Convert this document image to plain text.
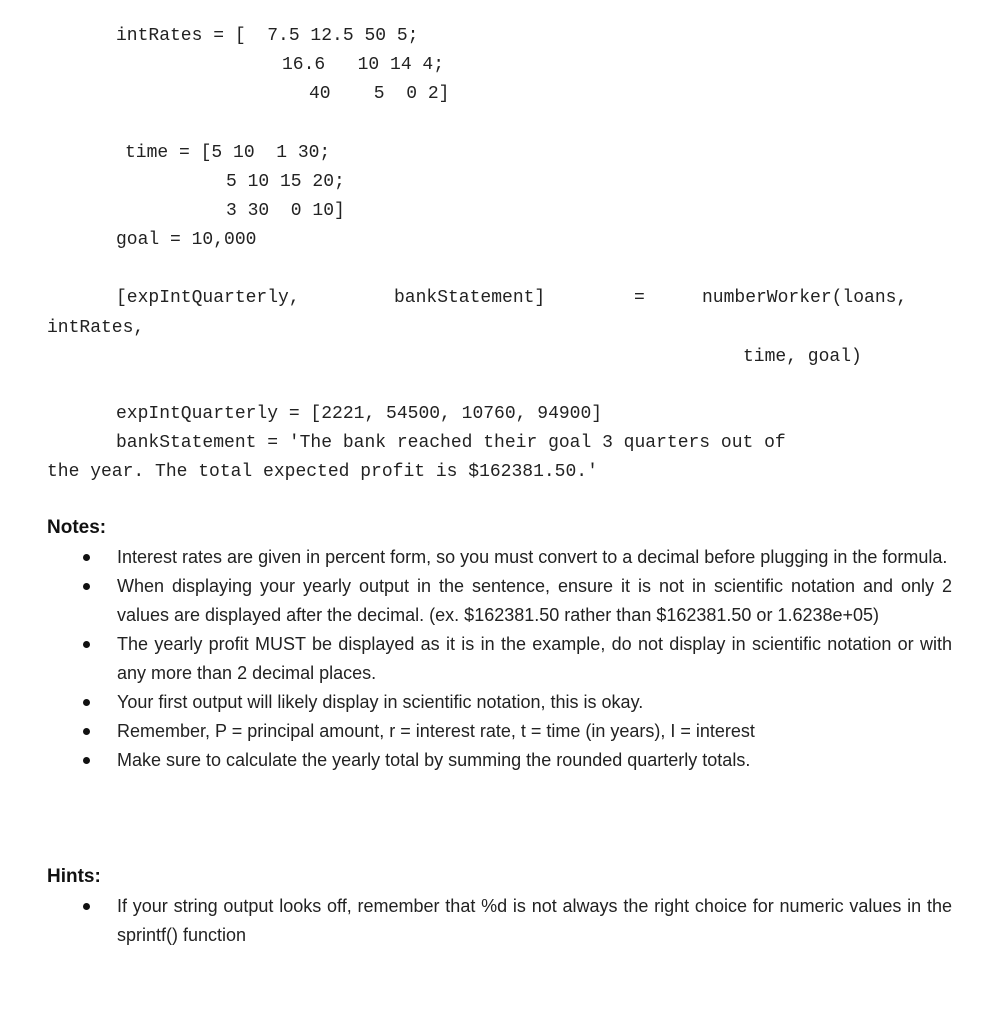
intRates = [  7.5 12.5 50 5;
16.6   10 14 4;
40    5  0 2]
time = [5 10  1 30;
5 10 15 20;
3 30  0 10]
goal = 10,000
[expIntQuarterly,	bankStatement]	=	numberWorker(loans,
intRates,
time, goal)
expIntQuarterly = [2221, 54500, 10760, 94900]
bankStatement = 'The bank reached their goal 3 quarters out of
the year. The total expected profit is $162381.50.'
Notes:
Interest rates are given in percent form, so you must convert to a decimal before plugging in the formula.
When displaying your yearly output in the sentence, ensure it is not in scientific notation and only 2 values are displayed after the decimal. (ex. $162381.50 rather than $162381.50 or 1.6238e+05)
The yearly profit MUST be displayed as it is in the example, do not display in scientific notation or with any more than 2 decimal places.
Your first output will likely display in scientific notation, this is okay.
Remember, P = principal amount, r = interest rate, t = time (in years), I = interest
Make sure to calculate the yearly total by summing the rounded quarterly totals.
Hints:
If your string output looks off, remember that %d is not always the right choice for numeric values in the sprintf() function
